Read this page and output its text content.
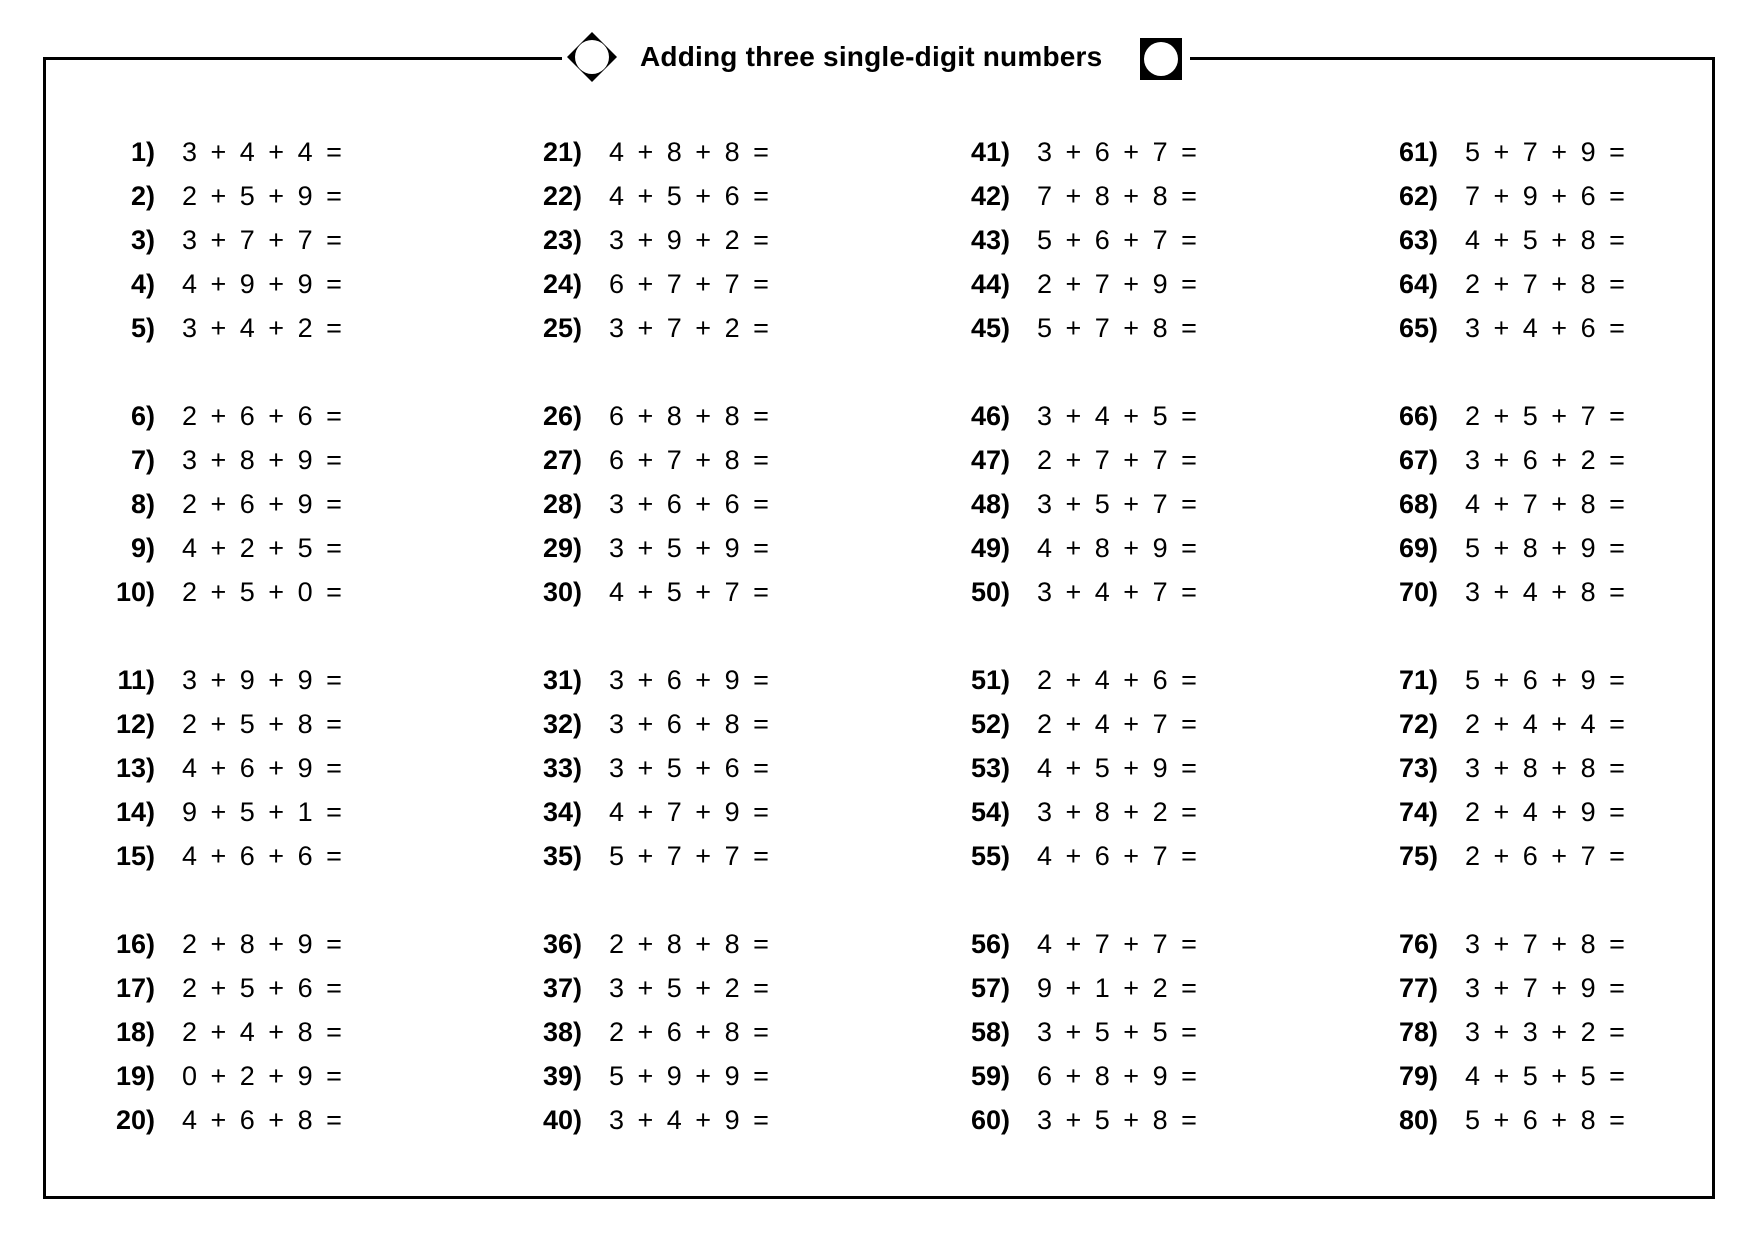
Adding three single-digit numbers
1) 3 + 4 + 4 =
2) 2 + 5 + 9 =
3) 3 + 7 + 7 =
4) 4 + 9 + 9 =
5) 3 + 4 + 2 =
6) 2 + 6 + 6 =
7) 3 + 8 + 9 =
8) 2 + 6 + 9 =
9) 4 + 2 + 5 =
10) 2 + 5 + 0 =
11) 3 + 9 + 9 =
12) 2 + 5 + 8 =
13) 4 + 6 + 9 =
14) 9 + 5 + 1 =
15) 4 + 6 + 6 =
16) 2 + 8 + 9 =
17) 2 + 5 + 6 =
18) 2 + 4 + 8 =
19) 0 + 2 + 9 =
20) 4 + 6 + 8 =
21) 4 + 8 + 8 =
22) 4 + 5 + 6 =
23) 3 + 9 + 2 =
24) 6 + 7 + 7 =
25) 3 + 7 + 2 =
26) 6 + 8 + 8 =
27) 6 + 7 + 8 =
28) 3 + 6 + 6 =
29) 3 + 5 + 9 =
30) 4 + 5 + 7 =
31) 3 + 6 + 9 =
32) 3 + 6 + 8 =
33) 3 + 5 + 6 =
34) 4 + 7 + 9 =
35) 5 + 7 + 7 =
36) 2 + 8 + 8 =
37) 3 + 5 + 2 =
38) 2 + 6 + 8 =
39) 5 + 9 + 9 =
40) 3 + 4 + 9 =
41) 3 + 6 + 7 =
42) 7 + 8 + 8 =
43) 5 + 6 + 7 =
44) 2 + 7 + 9 =
45) 5 + 7 + 8 =
46) 3 + 4 + 5 =
47) 2 + 7 + 7 =
48) 3 + 5 + 7 =
49) 4 + 8 + 9 =
50) 3 + 4 + 7 =
51) 2 + 4 + 6 =
52) 2 + 4 + 7 =
53) 4 + 5 + 9 =
54) 3 + 8 + 2 =
55) 4 + 6 + 7 =
56) 4 + 7 + 7 =
57) 9 + 1 + 2 =
58) 3 + 5 + 5 =
59) 6 + 8 + 9 =
60) 3 + 5 + 8 =
61) 5 + 7 + 9 =
62) 7 + 9 + 6 =
63) 4 + 5 + 8 =
64) 2 + 7 + 8 =
65) 3 + 4 + 6 =
66) 2 + 5 + 7 =
67) 3 + 6 + 2 =
68) 4 + 7 + 8 =
69) 5 + 8 + 9 =
70) 3 + 4 + 8 =
71) 5 + 6 + 9 =
72) 2 + 4 + 4 =
73) 3 + 8 + 8 =
74) 2 + 4 + 9 =
75) 2 + 6 + 7 =
76) 3 + 7 + 8 =
77) 3 + 7 + 9 =
78) 3 + 3 + 2 =
79) 4 + 5 + 5 =
80) 5 + 6 + 8 =
